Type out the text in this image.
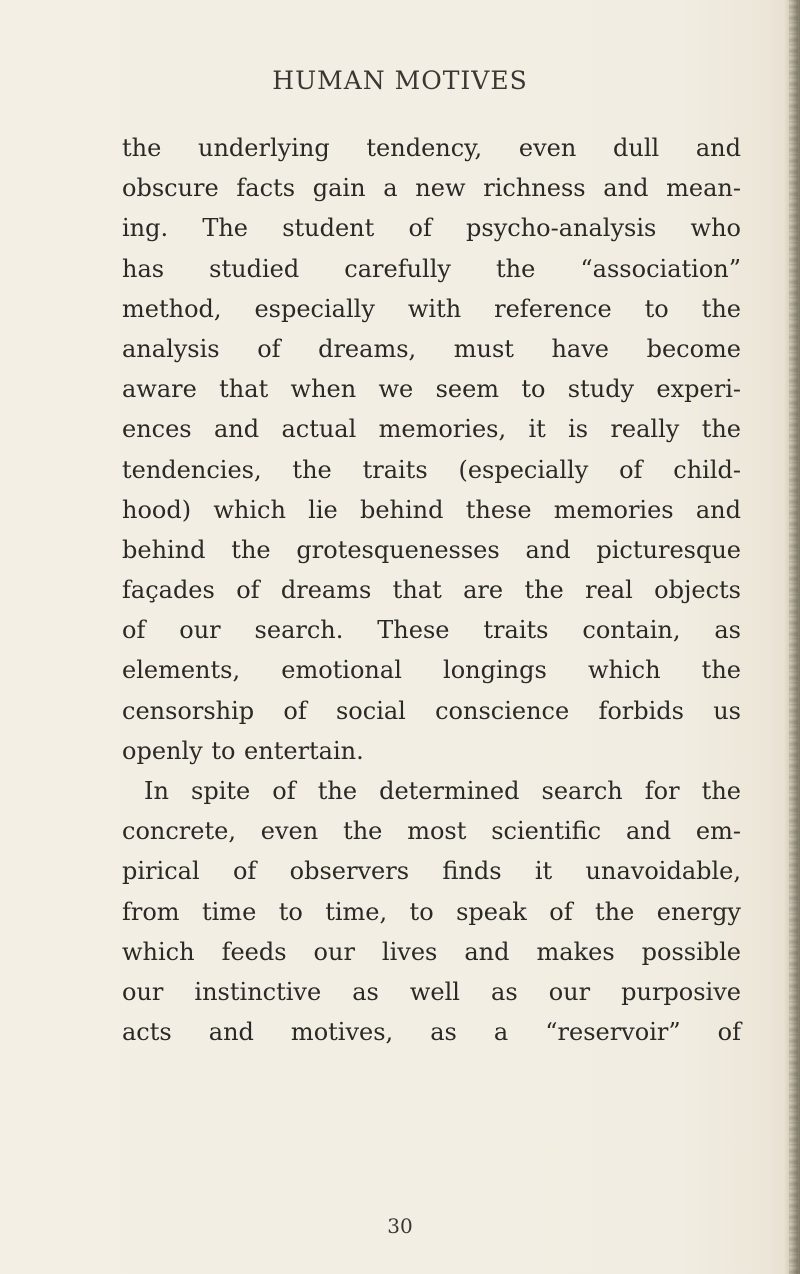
HUMAN MOTIVES
the underlying tendency, even dull and
obscure facts gain a new richness and mean-
ing. The student of psycho-analysis who
has studied carefully the “association”
method, especially with reference to the
analysis of dreams, must have become
aware that when we seem to study experi-
ences and actual memories, it is really the
tendencies, the traits (especially of child-
hood) which lie behind these memories and
behind the grotesquenesses and picturesque
façades of dreams that are the real objects
of our search. These traits contain, as
elements, emotional longings which the
censorship of social conscience forbids us
openly to entertain.
In spite of the determined search for the
concrete, even the most scientific and em-
pirical of observers finds it unavoidable,
from time to time, to speak of the energy
which feeds our lives and makes possible
our instinctive as well as our purposive
acts and motives, as a “reservoir” of
30
